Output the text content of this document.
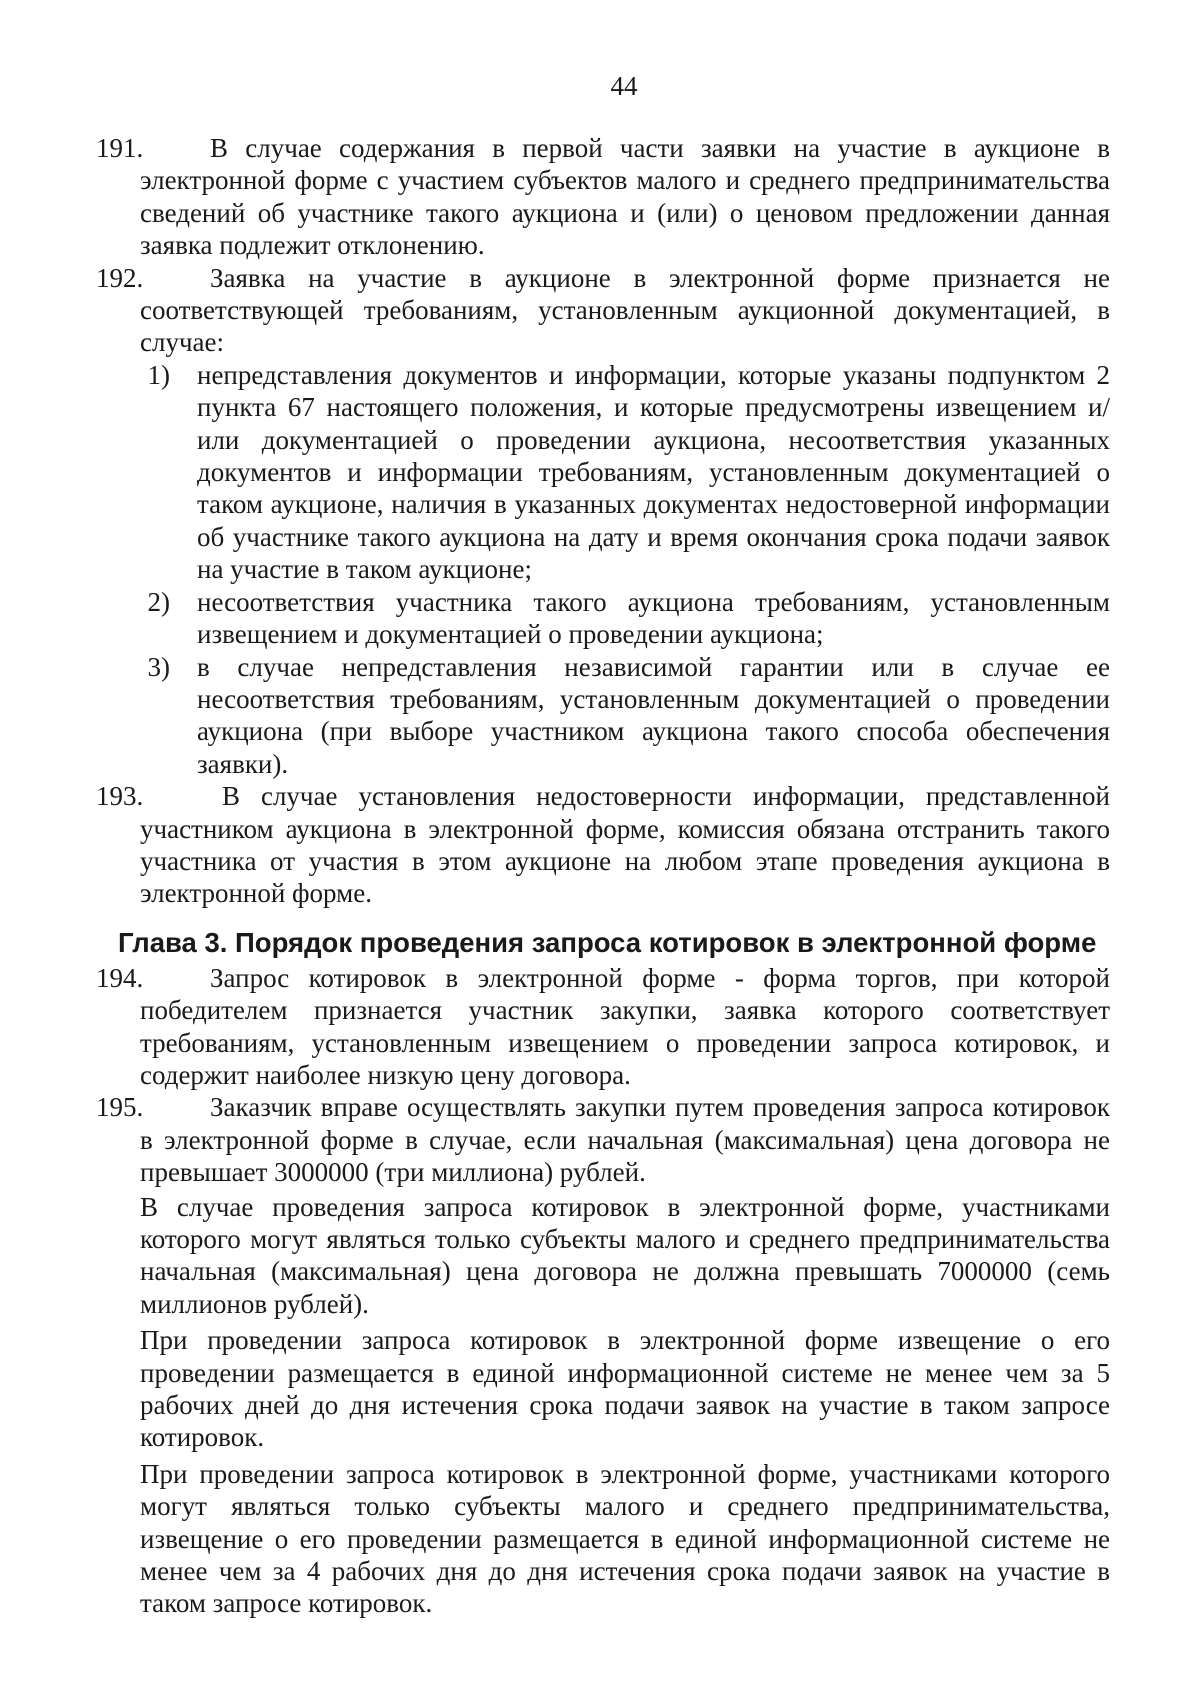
44
191. В случае содержания в первой части заявки на участие в аукционе в электронной форме с участием субъектов малого и среднего предпринимательства сведений об участнике такого аукциона и (или) о ценовом предложении данная заявка подлежит отклонению.
192. Заявка на участие в аукционе в электронной форме признается не соответствующей требованиям, установленным аукционной документацией, в случае:
1) непредставления документов и информации, которые указаны подпунктом 2 пункта 67 настоящего положения, и которые предусмотрены извещением и/или документацией о проведении аукциона, несоответствия указанных документов и информации требованиям, установленным документацией о таком аукционе, наличия в указанных документах недостоверной информации об участнике такого аукциона на дату и время окончания срока подачи заявок на участие в таком аукционе;
2) несоответствия участника такого аукциона требованиям, установленным извещением и документацией о проведении аукциона;
3) в случае непредставления независимой гарантии или в случае ее несоответствия требованиям, установленным документацией о проведении аукциона (при выборе участником аукциона такого способа обеспечения заявки).
193.	В случае установления недостоверности информации, представленной участником аукциона в электронной форме, комиссия обязана отстранить такого участника от участия в этом аукционе на любом этапе проведения аукциона в электронной форме.
Глава 3. Порядок проведения запроса котировок в электронной форме
194. Запрос котировок в электронной форме - форма торгов, при которой победителем признается участник закупки, заявка которого соответствует требованиям, установленным извещением о проведении запроса котировок, и содержит наиболее низкую цену договора.
195. Заказчик вправе осуществлять закупки путем проведения запроса котировок в электронной форме в случае, если начальная (максимальная) цена договора не превышает 3000000 (три миллиона) рублей.

В случае проведения запроса котировок в электронной форме, участниками которого могут являться только субъекты малого и среднего предпринимательства начальная (максимальная) цена договора не должна превышать 7000000 (семь миллионов рублей).

При проведении запроса котировок в электронной форме извещение о его проведении размещается в единой информационной системе не менее чем за 5 рабочих дней до дня истечения срока подачи заявок на участие в таком запросе котировок.

При проведении запроса котировок в электронной форме, участниками которого могут являться только субъекты малого и среднего предпринимательства, извещение о его проведении размещается в единой информационной системе не менее чем за 4 рабочих дня до дня истечения срока подачи заявок на участие в таком запросе котировок.
